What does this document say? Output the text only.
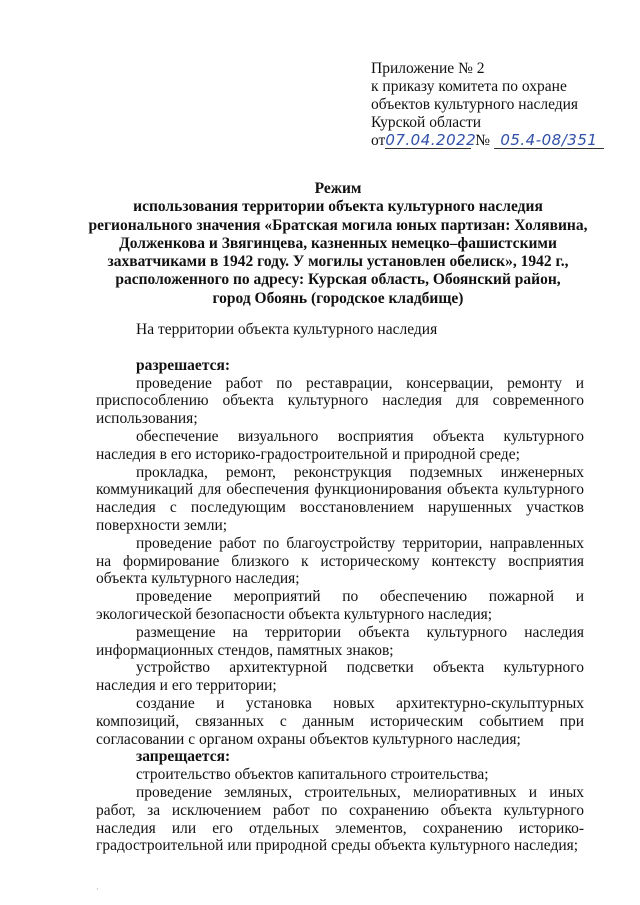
Приложение № 2
к приказу комитета по охране
объектов культурного наследия
Курской области
от07.04.2022 № 05.4-08/351
Режим
использования территории объекта культурного наследия
регионального значения «Братская могила юных партизан: Холявина,
Долженкова и Звягинцева, казненных немецко–фашистскими
захватчиками в 1942 году. У могилы установлен обелиск», 1942 г.,
расположенного по адресу: Курская область, Обоянский район,
город Обоянь (городское кладбище)

На территории объекта культурного наследия

разрешается:

проведение работ по реставрации, консервации, ремонту и приспособлению объекта культурного наследия для современного использования;

обеспечение визуального восприятия объекта культурного наследия в его историко-градостроительной и природной среде;

прокладка, ремонт, реконструкция подземных инженерных коммуникаций для обеспечения функционирования объекта культурного наследия с последующим восстановлением нарушенных участков поверхности земли;

проведение работ по благоустройству территории, направленных на формирование близкого к историческому контексту восприятия объекта культурного наследия;

проведение мероприятий по обеспечению пожарной и экологической безопасности объекта культурного наследия;

размещение на территории объекта культурного наследия информационных стендов, памятных знаков;

устройство архитектурной подсветки объекта культурного наследия и его территории;

создание и установка новых архитектурно-скульптурных композиций, связанных с данным историческим событием при согласовании с органом охраны объектов культурного наследия;

запрещается:

строительство объектов капитального строительства;

проведение земляных, строительных, мелиоративных и иных работ, за исключением работ по сохранению объекта культурного наследия или его отдельных элементов, сохранению историко-градостроительной или природной среды объекта культурного наследия;

·
